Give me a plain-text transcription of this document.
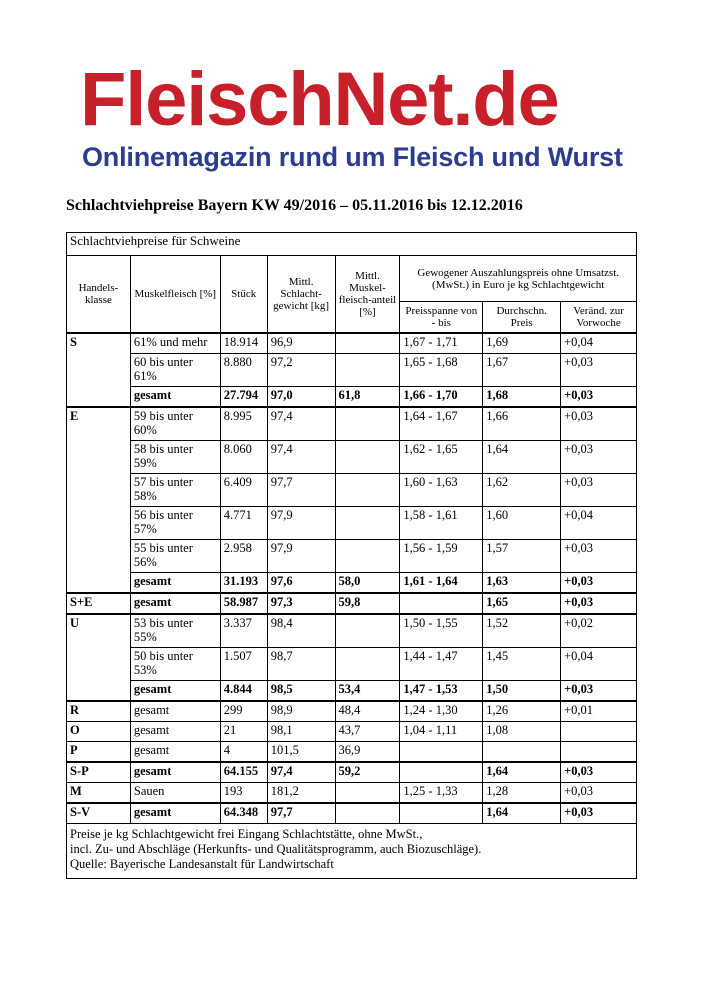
FleischNet.de
Onlinemagazin rund um Fleisch und Wurst
Schlachtviehpreise Bayern KW 49/2016 – 05.11.2016 bis 12.12.2016
Schlachtviehpreise für Schweine							
Handels-klasse	Muskelfleisch [%]	Stück	Mittl. Schlacht-gewicht [kg]	Mittl. Muskel-fleisch-anteil [%]	Gewogener Auszahlungspreis ohne Umsatzst. (MwSt.) in Euro je kg Schlachtgewicht		
					Preisspanne von - bis	Durchschn. Preis	Veränd. zur Vorwoche
S	61% und mehr	18.914	96,9		1,67 - 1,71	1,69	+0,04
	60 bis unter 61%	8.880	97,2		1,65 - 1,68	1,67	+0,03
	gesamt	27.794	97,0	61,8	1,66 - 1,70	1,68	+0,03
E	59 bis unter 60%	8.995	97,4		1,64 - 1,67	1,66	+0,03
	58 bis unter 59%	8.060	97,4		1,62 - 1,65	1,64	+0,03
	57 bis unter 58%	6.409	97,7		1,60 - 1,63	1,62	+0,03
	56 bis unter 57%	4.771	97,9		1,58 - 1,61	1,60	+0,04
	55 bis unter 56%	2.958	97,9		1,56 - 1,59	1,57	+0,03
	gesamt	31.193	97,6	58,0	1,61 - 1,64	1,63	+0,03
S+E	gesamt	58.987	97,3	59,8		1,65	+0,03
U	53 bis unter 55%	3.337	98,4		1,50 - 1,55	1,52	+0,02
	50 bis unter 53%	1.507	98,7		1,44 - 1,47	1,45	+0,04
	gesamt	4.844	98,5	53,4	1,47 - 1,53	1,50	+0,03
R	gesamt	299	98,9	48,4	1,24 - 1,30	1,26	+0,01
O	gesamt	21	98,1	43,7	1,04 - 1,11	1,08	
P	gesamt	4	101,5	36,9			
S-P	gesamt	64.155	97,4	59,2		1,64	+0,03
M	Sauen	193	181,2		1,25 - 1,33	1,28	+0,03
S-V	gesamt	64.348	97,7			1,64	+0,03

Preise je kg Schlachtgewicht frei Eingang Schlachtstätte, ohne MwSt.,
incl. Zu- und Abschläge (Herkunfts- und Qualitätsprogramm, auch Biozuschläge).
Quelle: Bayerische Landesanstalt für Landwirtschaft							
